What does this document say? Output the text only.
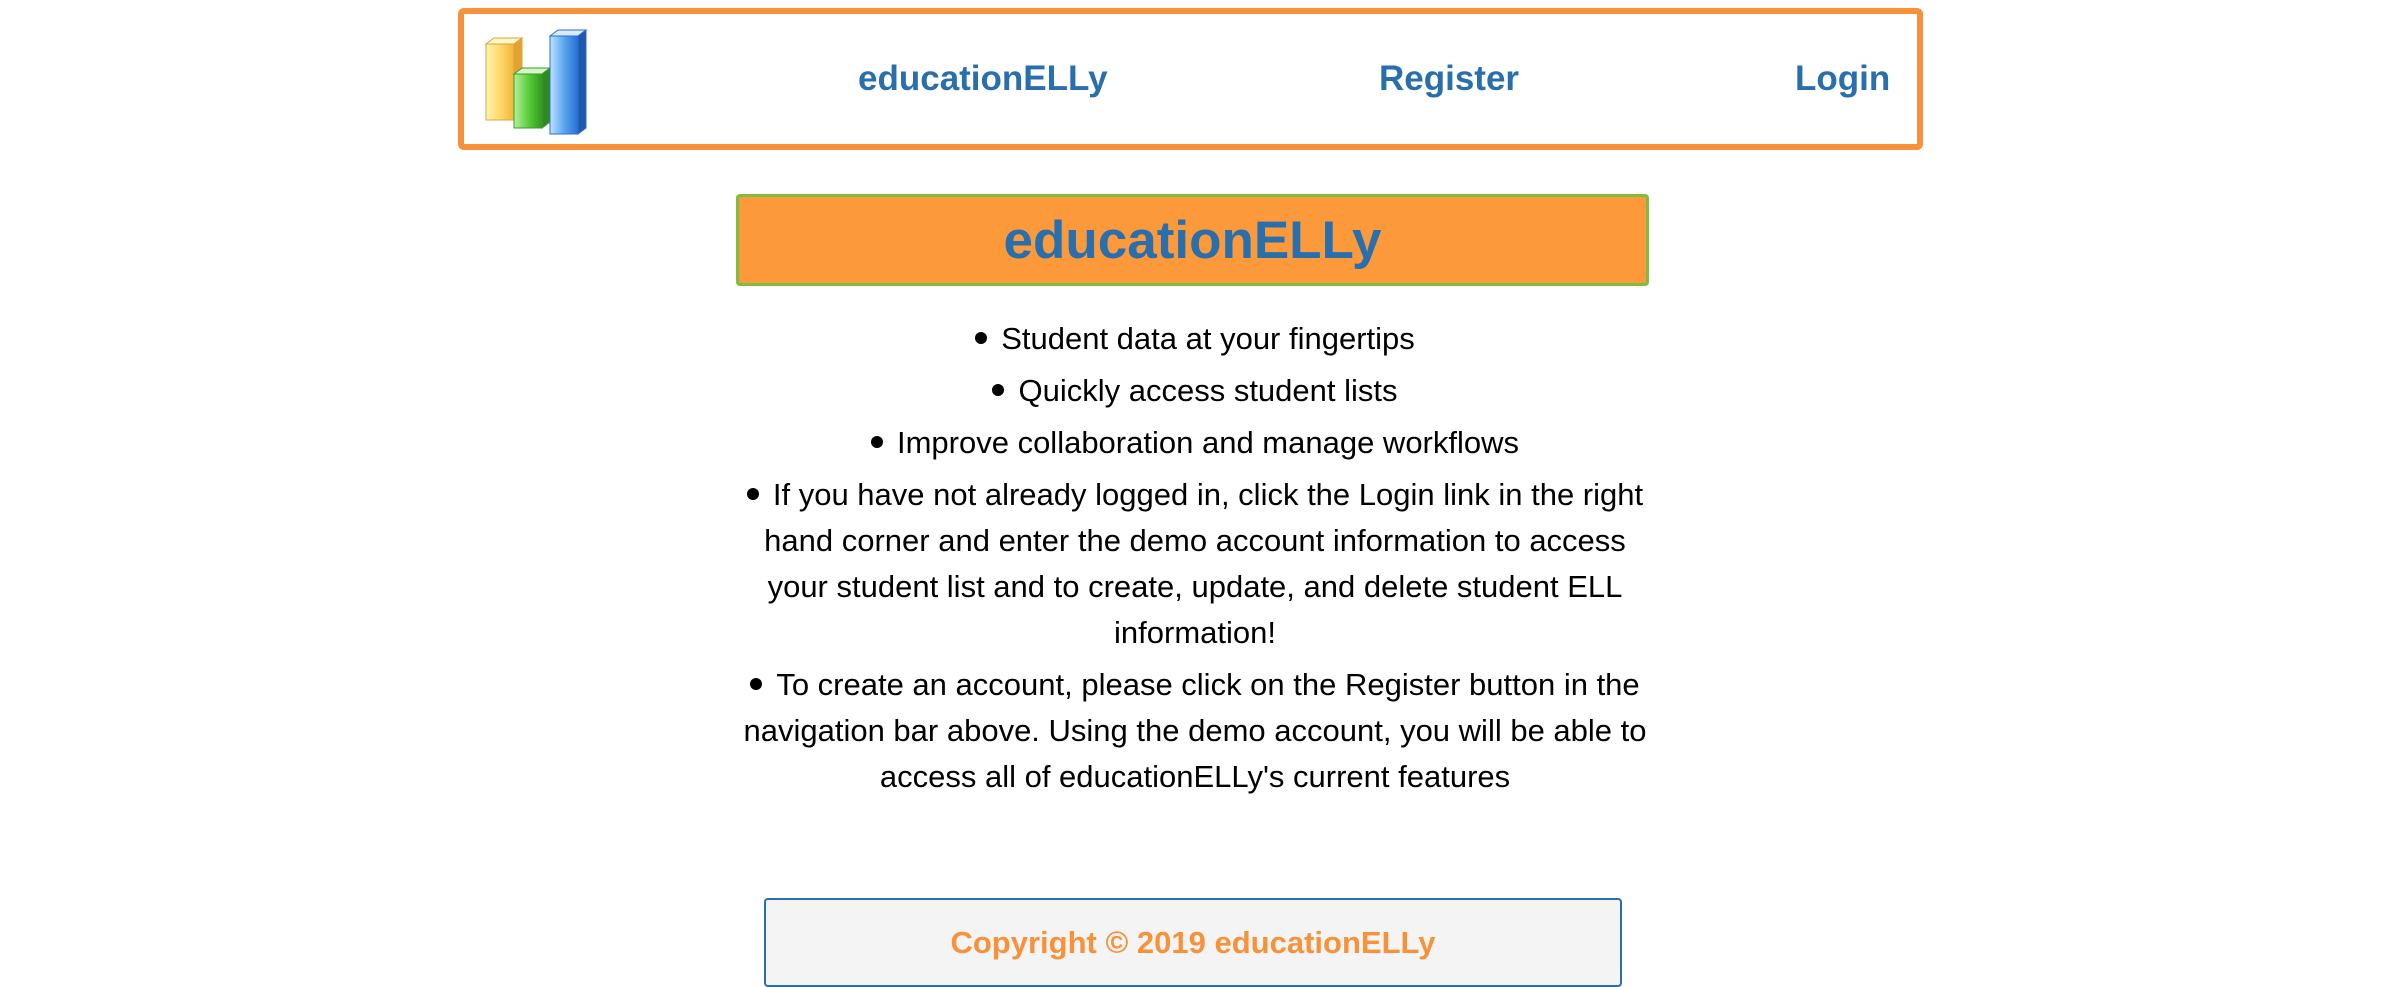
educationELLy	Register	Login
educationELLy
Student data at your fingertips
Quickly access student lists
Improve collaboration and manage workflows
If you have not already logged in, click the Login link in the right hand corner and enter the demo account information to access your student list and to create, update, and delete student ELL information!
To create an account, please click on the Register button in the navigation bar above. Using the demo account, you will be able to access all of educationELLy's current features
Copyright © 2019 educationELLy
